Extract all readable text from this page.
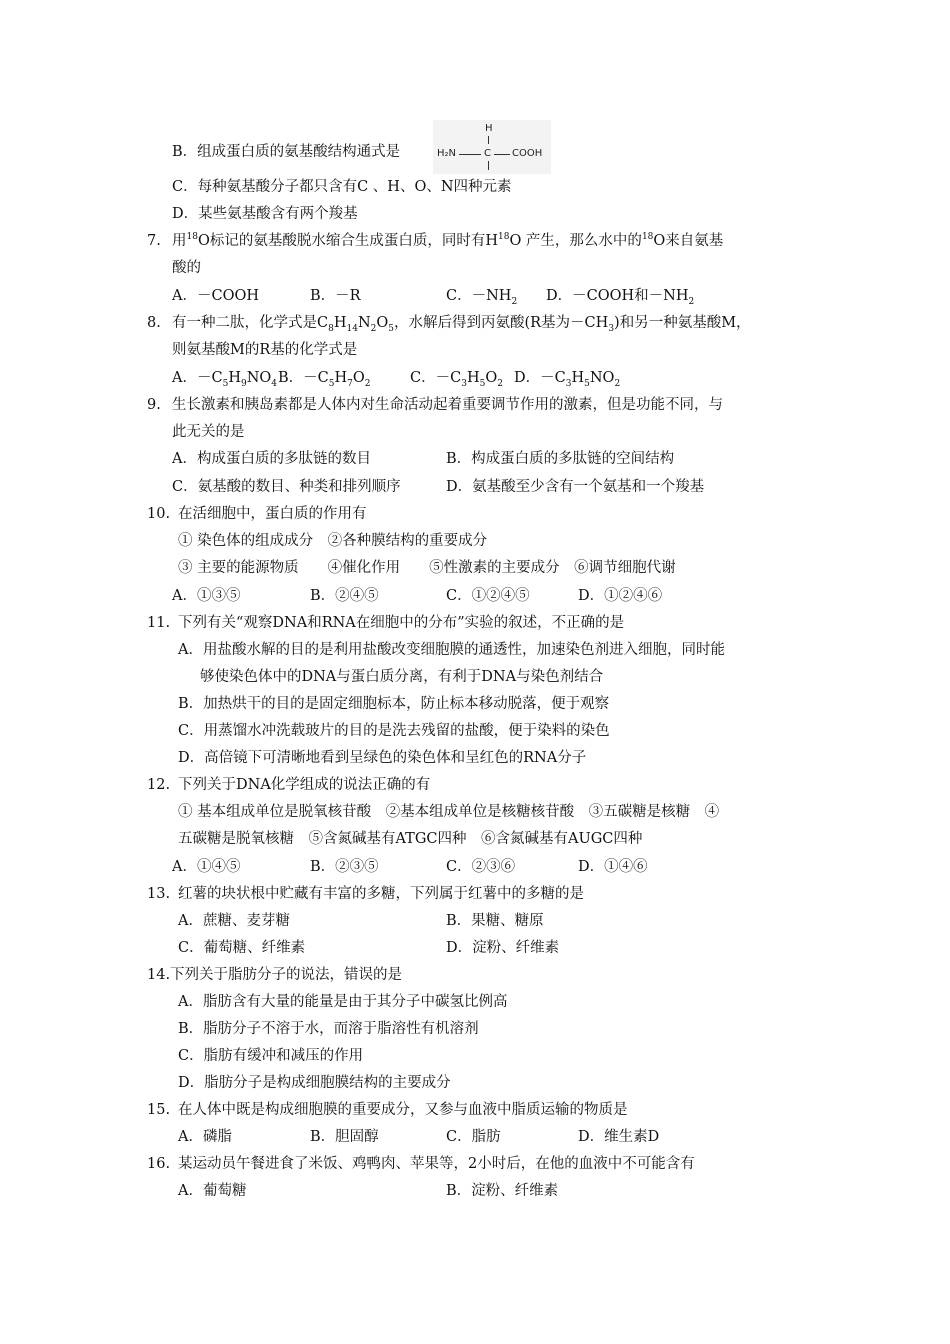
B．组成蛋白质的氨基酸结构通式是
H
H₂N	C COOH
C．每种氨基酸分子都只含有C 、H、O、N四种元素
D．某些氨基酸含有两个羧基
7. 用$^{18}$O标记的氨基酸脱水缩合生成蛋白质，同时有$H^{18}O$ 产生，那么水中的$^{18}$O来自氨基
酸的
A．－COOH	B．－R	C．$-NH_2$ D．－COOH和$-NH_2$
8. 有一种二肽，化学式是$C_8H_{14}N_2O_5$，水解后得到丙氨酸(R基为$-CH_3$)和另一种氨基酸M，
则氨基酸M的R基的化学式是
A．$-C_5H_9NO_4$ B．$-C_5H_7O_2$	C．$-C_3H_5O_2$ D．$-C_3H_5NO_2$
9. 生长激素和胰岛素都是人体内对生命活动起着重要调节作用的激素，但是功能不同，与
此无关的是
A．构成蛋白质的多肽链的数目	B．构成蛋白质的多肽链的空间结构
C．氨基酸的数目、种类和排列顺序	D．氨基酸至少含有一个氨基和一个羧基
10. 在活细胞中，蛋白质的作用有
① 染色体的组成成分　②各种膜结构的重要成分
③ 主要的能源物质　　④催化作用　　⑤性激素的主要成分　⑥调节细胞代谢
A．①③⑤	B．②④⑤	C．①②④⑤	D．①②④⑥
11. 下列有关“观察DNA和RNA在细胞中的分布”实验的叙述，不正确的是
A．用盐酸水解的目的是利用盐酸改变细胞膜的通透性，加速染色剂进入细胞，同时能
够使染色体中的DNA与蛋白质分离，有利于DNA与染色剂结合
B．加热烘干的目的是固定细胞标本，防止标本移动脱落，便于观察
C．用蒸馏水冲洗载玻片的目的是洗去残留的盐酸，便于染料的染色
D．高倍镜下可清晰地看到呈绿色的染色体和呈红色的RNA分子
12. 下列关于DNA化学组成的说法正确的有
① 基本组成单位是脱氧核苷酸　②基本组成单位是核糖核苷酸　③五碳糖是核糖　④
五碳糖是脱氧核糖　⑤含氮碱基有ATGC四种　⑥含氮碱基有AUGC四种
A．①④⑤	B．②③⑤	C．②③⑥	D．①④⑥
13. 红薯的块状根中贮藏有丰富的多糖，下列属于红薯中的多糖的是
A．蔗糖、麦芽糖	B．果糖、糖原
C．葡萄糖、纤维素	D．淀粉、纤维素
14.下列关于脂肪分子的说法，错误的是
A．脂肪含有大量的能量是由于其分子中碳氢比例高
B．脂肪分子不溶于水，而溶于脂溶性有机溶剂
C．脂肪有缓冲和减压的作用
D．脂肪分子是构成细胞膜结构的主要成分
15. 在人体中既是构成细胞膜的重要成分，又参与血液中脂质运输的物质是
A．磷脂	B．胆固醇	C．脂肪	D．维生素D
16. 某运动员午餐进食了米饭、鸡鸭肉、苹果等，2小时后，在他的血液中不可能含有
A．葡萄糖	B．淀粉、纤维素
